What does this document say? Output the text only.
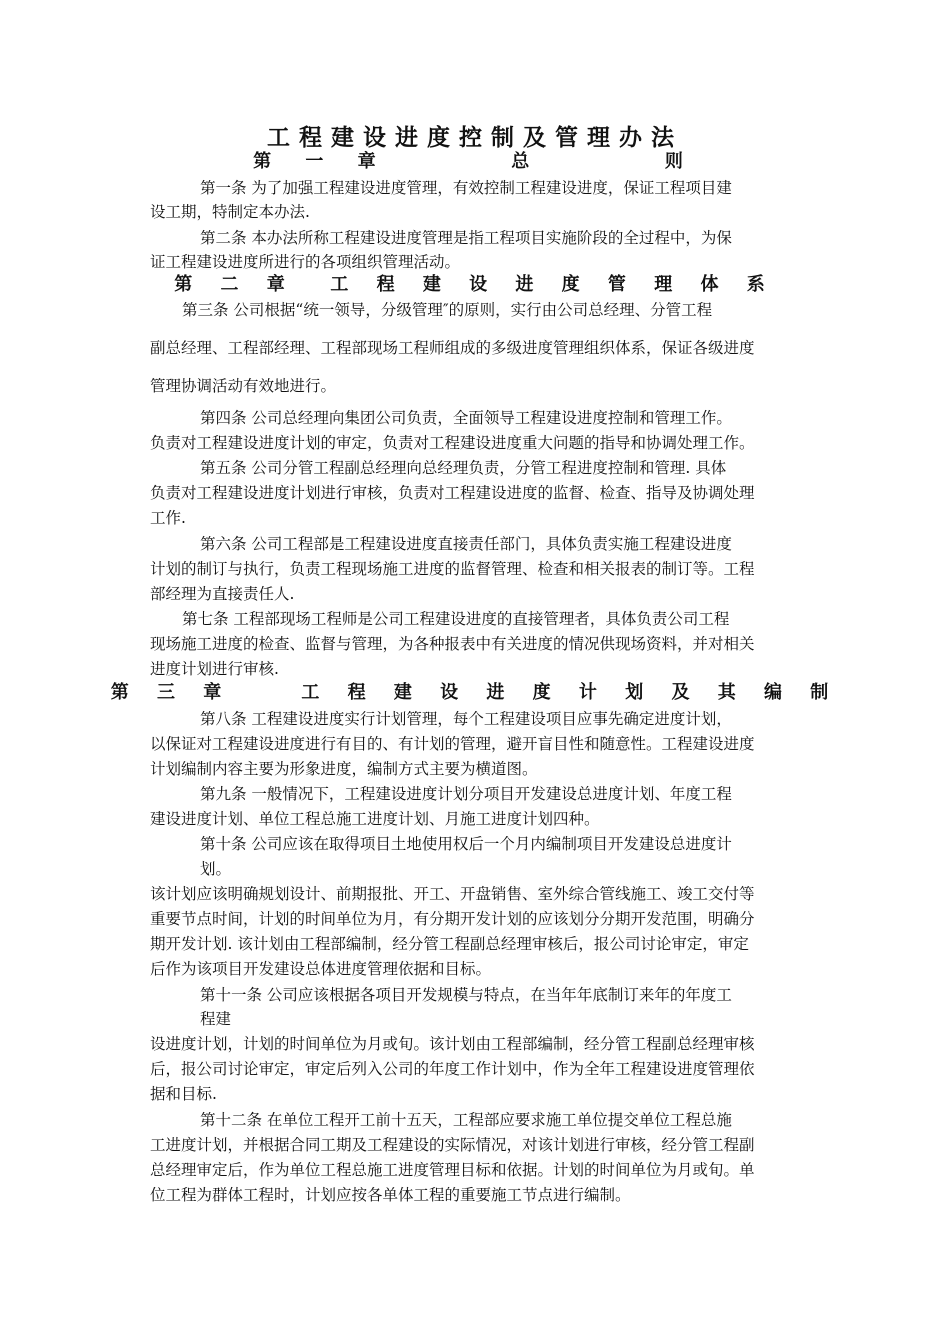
工程建设进度控制及管理办法
第 一 章      总      则
第 二 章  工 程 建 设 进 度 管 理 体 系
第 三 章    工 程 建 设 进 度 计 划 及 其 编 制
第一条 为了加强工程建设进度管理，有效控制工程建设进度，保证工程项目建
设工期，特制定本办法.
第二条 本办法所称工程建设进度管理是指工程项目实施阶段的全过程中，为保
证工程建设进度所进行的各项组织管理活动。
第三条 公司根据“统一领导，分级管理″的原则，实行由公司总经理、分管工程
副总经理、工程部经理、工程部现场工程师组成的多级进度管理组织体系，保证各级进度
管理协调活动有效地进行。
第四条 公司总经理向集团公司负责，全面领导工程建设进度控制和管理工作。
负责对工程建设进度计划的审定，负责对工程建设进度重大问题的指导和协调处理工作。
第五条 公司分管工程副总经理向总经理负责，分管工程进度控制和管理. 具体
负责对工程建设进度计划进行审核，负责对工程建设进度的监督、检查、指导及协调处理
工作.
第六条 公司工程部是工程建设进度直接责任部门，具体负责实施工程建设进度
计划的制订与执行，负责工程现场施工进度的监督管理、检查和相关报表的制订等。工程
部经理为直接责任人.
第七条 工程部现场工程师是公司工程建设进度的直接管理者，具体负责公司工程
现场施工进度的检查、监督与管理，为各种报表中有关进度的情况供现场资料，并对相关
进度计划进行审核.
第八条 工程建设进度实行计划管理，每个工程建设项目应事先确定进度计划，
以保证对工程建设进度进行有目的、有计划的管理，避开盲目性和随意性。工程建设进度
计划编制内容主要为形象进度，编制方式主要为横道图。
第九条 一般情况下，工程建设进度计划分项目开发建设总进度计划、年度工程
建设进度计划、单位工程总施工进度计划、月施工进度计划四种。
第十条 公司应该在取得项目土地使用权后一个月内编制项目开发建设总进度计
划。
该计划应该明确规划设计、前期报批、开工、开盘销售、室外综合管线施工、竣工交付等
重要节点时间，计划的时间单位为月，有分期开发计划的应该划分分期开发范围，明确分
期开发计划. 该计划由工程部编制，经分管工程副总经理审核后，报公司讨论审定，审定
后作为该项目开发建设总体进度管理依据和目标。
第十一条 公司应该根据各项目开发规模与特点，在当年年底制订来年的年度工
程建
设进度计划，计划的时间单位为月或旬。该计划由工程部编制，经分管工程副总经理审核
后，报公司讨论审定，审定后列入公司的年度工作计划中，作为全年工程建设进度管理依
据和目标.
第十二条 在单位工程开工前十五天，工程部应要求施工单位提交单位工程总施
工进度计划，并根据合同工期及工程建设的实际情况，对该计划进行审核，经分管工程副
总经理审定后，作为单位工程总施工进度管理目标和依据。计划的时间单位为月或旬。单
位工程为群体工程时，计划应按各单体工程的重要施工节点进行编制。
